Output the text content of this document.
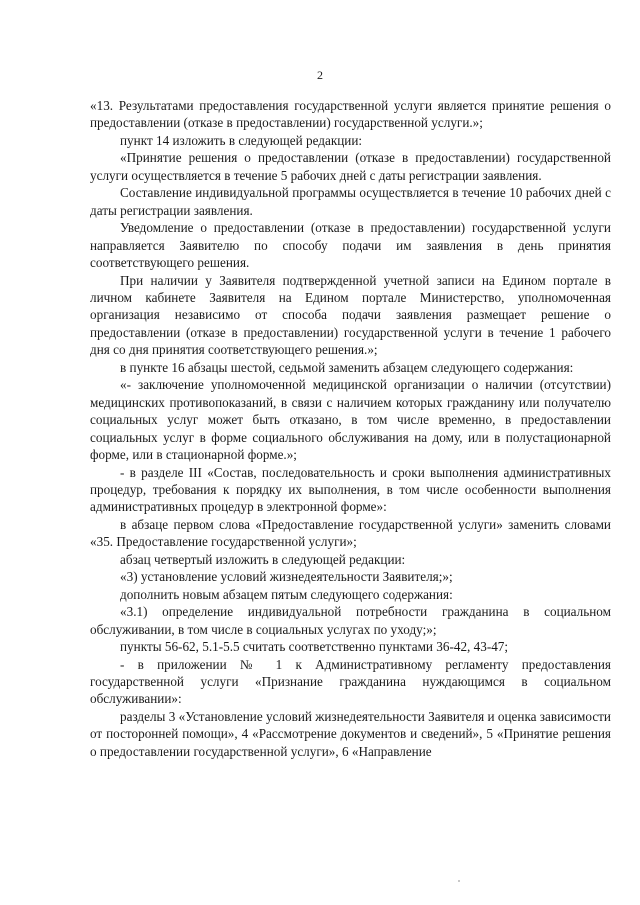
2

«13. Результатами предоставления государственной услуги является принятие решения о предоставлении (отказе в предоставлении) государственной услуги.»;

пункт 14 изложить в следующей редакции:

«Принятие решения о предоставлении (отказе в предоставлении) государственной услуги осуществляется в течение 5 рабочих дней с даты регистрации заявления.

Составление индивидуальной программы осуществляется в течение 10 рабочих дней с даты регистрации заявления.

Уведомление о предоставлении (отказе в предоставлении) государственной услуги направляется Заявителю по способу подачи им заявления в день принятия соответствующего решения.

При наличии у Заявителя подтвержденной учетной записи на Едином портале в личном кабинете Заявителя на Едином портале Министерство, уполномоченная организация независимо от способа подачи заявления размещает решение о предоставлении (отказе в предоставлении) государственной услуги в течение 1 рабочего дня со дня принятия соответствующего решения.»;

в пункте 16 абзацы шестой, седьмой заменить абзацем следующего содержания:

«- заключение уполномоченной медицинской организации о наличии (отсутствии) медицинских противопоказаний, в связи с наличием которых гражданину или получателю социальных услуг может быть отказано, в том числе временно, в предоставлении социальных услуг в форме социального обслуживания на дому, или в полустационарной форме, или в стационарной форме.»;

- в разделе III «Состав, последовательность и сроки выполнения административных процедур, требования к порядку их выполнения, в том числе особенности выполнения административных процедур в электронной форме»:

в абзаце первом слова «Предоставление государственной услуги» заменить словами «35. Предоставление государственной услуги»;

абзац четвертый изложить в следующей редакции:

«3) установление условий жизнедеятельности Заявителя;»;

дополнить новым абзацем пятым следующего содержания:

«3.1) определение индивидуальной потребности гражданина в социальном обслуживании, в том числе в социальных услугах по уходу;»;

пункты 56-62, 5.1-5.5 считать соответственно пунктами 36-42, 43-47;

- в приложении № 1 к Административному регламенту предоставления государственной услуги «Признание гражданина нуждающимся в социальном обслуживании»:

разделы 3 «Установление условий жизнедеятельности Заявителя и оценка зависимости от посторонней помощи», 4 «Рассмотрение документов и сведений», 5 «Принятие решения о предоставлении государственной услуги», 6 «Направление
